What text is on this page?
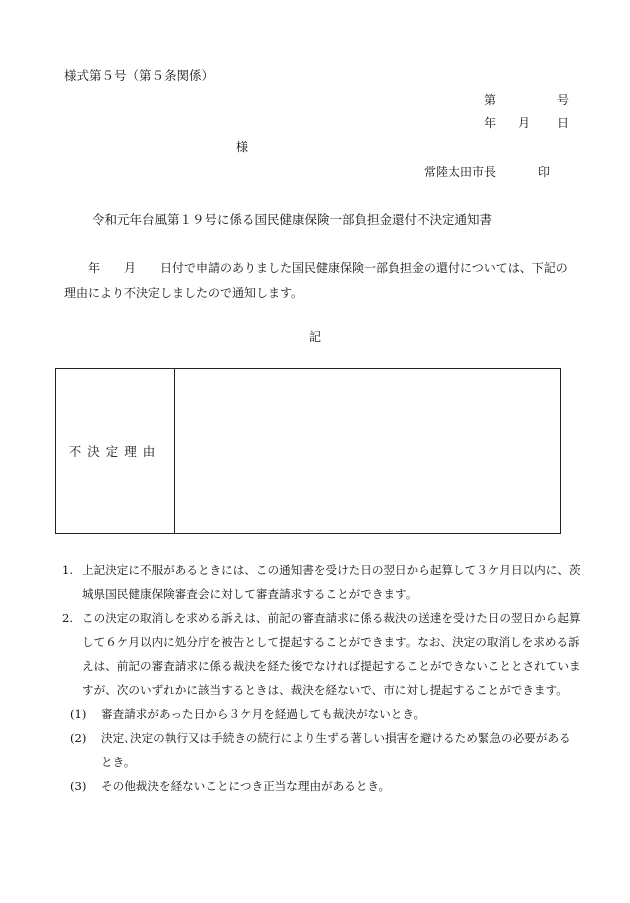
様式第５号（第５条関係）
第	号
年 月 日
様
常陸太田市長	印
令和元年台風第１９号に係る国民健康保険一部負担金還付不決定通知書
　　年　　月　　日付で申請のありました国民健康保険一部負担金の還付については、下記の理由により不決定しましたので通知します。
記
不決定理由	
1. 上記決定に不服があるときには、この通知書を受けた日の翌日から起算して３ケ月日以内に、茨城県国民健康保険審査会に対して審査請求することができます。
2. この決定の取消しを求める訴えは、前記の審査請求に係る裁決の送達を受けた日の翌日から起算して６ケ月以内に処分庁を被告として提起することができます。なお、決定の取消しを求める訴えは、前記の審査請求に係る裁決を経た後でなければ提起することができないこととされていますが、次のいずれかに該当するときは、裁決を経ないで、市に対し提起することができます。
(1) 審査請求があった日から３ケ月を経過しても裁決がないとき。
(2) 決定､決定の執行又は手続きの続行により生ずる著しい損害を避けるため緊急の必要があるとき。
(3) その他裁決を経ないことにつき正当な理由があるとき。
